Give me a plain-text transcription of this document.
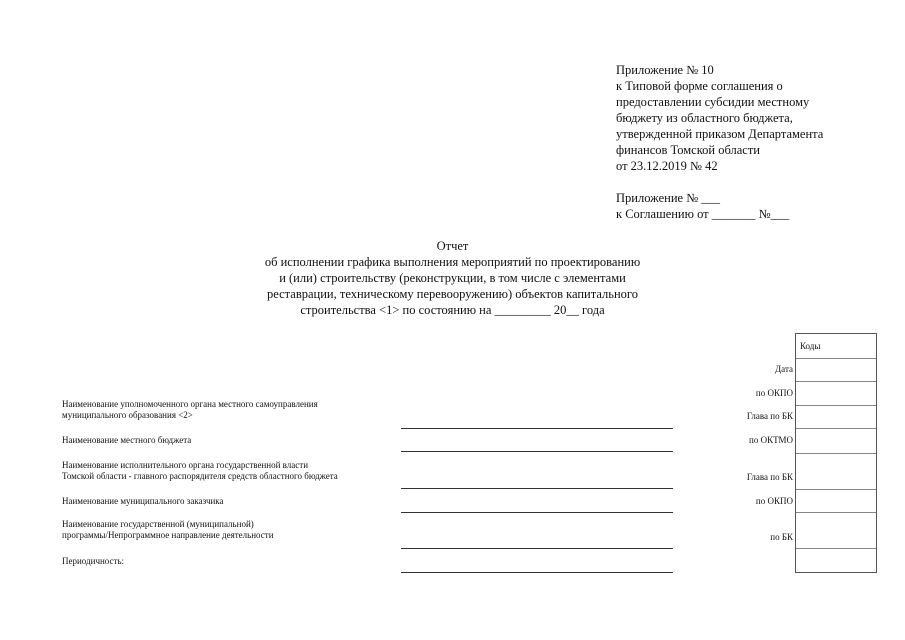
Приложение № 10
к Типовой форме соглашения о
предоставлении субсидии местному
бюджету из областного бюджета,
утвержденной приказом Департамента
финансов Томской области
от 23.12.2019 № 42
Приложение № ___
к Соглашению от _______ №___
Отчет
об исполнении графика выполнения мероприятий по проектированию
и (или) строительству (реконструкции, в том числе с элементами
реставрации, техническому перевооружению) объектов капитального
строительства <1> по состоянию на _________ 20__ года
Наименование уполномоченного органа местного самоуправления
муниципального образования <2>
Наименование местного бюджета
Наименование исполнительного органа государственной власти
Томской области - главного распорядителя средств областного бюджета
Наименование муниципального заказчика
Наименование государственной (муниципальной)
программы/Непрограммное направление деятельности
Периодичность:
Дата
по ОКПО
Глава по БК
по ОКТМО
Глава по БК
по ОКПО
по БК
Коды
